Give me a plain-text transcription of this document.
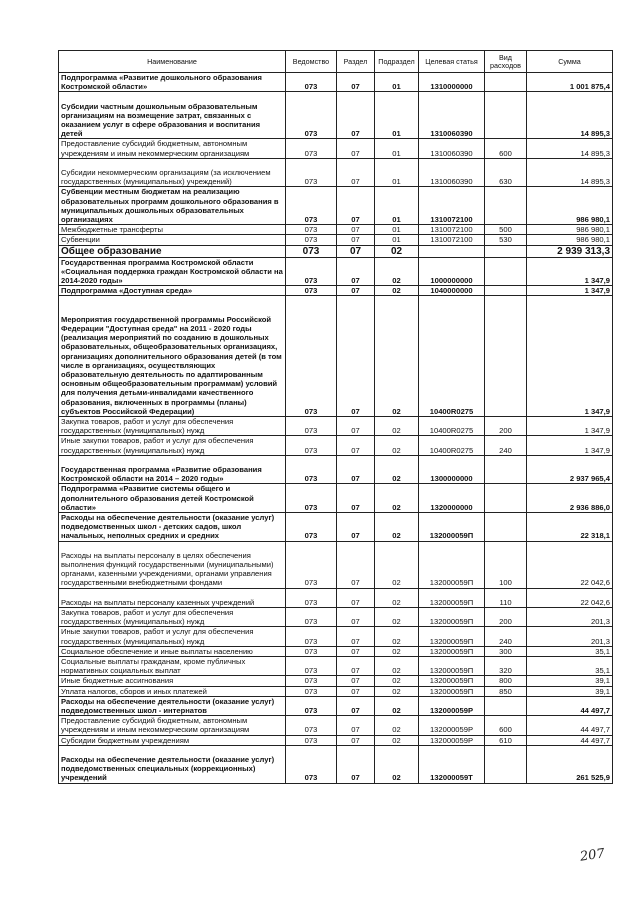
Наименование	Ведомство	Раздел	Подраздел	Целевая статья	Вид расходов	Сумма
Подпрограмма «Развитие дошкольного образования Костромской области»	073	07	01	1310000000		1 001 875,4
Субсидии частным дошкольным образовательным организациям на возмещение затрат, связанных с оказанием услуг в сфере образования и воспитания детей	073	07	01	1310060390		14 895,3
Предоставление субсидий бюджетным, автономным учреждениям и иным некоммерческим организациям	073	07	01	1310060390	600	14 895,3
Субсидии некоммерческим организациям (за исключением государственных (муниципальных) учреждений)	073	07	01	1310060390	630	14 895,3
Субвенции местным бюджетам на реализацию образовательных программ дошкольного образования в муниципальных дошкольных образовательных организациях	073	07	01	1310072100		986 980,1
Межбюджетные трансферты	073	07	01	1310072100	500	986 980,1
Субвенции	073	07	01	1310072100	530	986 980,1
Общее образование	073	07	02			2 939 313,3
Государственная программа Костромской области «Социальная поддержка граждан Костромской области на 2014-2020 годы»	073	07	02	1000000000		1 347,9
Подпрограмма «Доступная среда»	073	07	02	1040000000		1 347,9
Мероприятия государственной программы Российской Федерации "Доступная среда" на 2011 - 2020 годы (реализация мероприятий по созданию в дошкольных образовательных, общеобразовательных организациях, организациях дополнительного образования детей (в том числе в организациях, осуществляющих образовательную деятельность по адаптированным основным общеобразовательным программам) условий для получения детьми-инвалидами качественного образования, включенных в программы (планы) субъектов Российской Федерации)	073	07	02	10400R0275		1 347,9
Закупка товаров, работ и услуг для обеспечения государственных (муниципальных) нужд	073	07	02	10400R0275	200	1 347,9
Иные закупки товаров, работ и услуг для обеспечения государственных (муниципальных) нужд	073	07	02	10400R0275	240	1 347,9
Государственная программа «Развитие образования Костромской области на 2014 – 2020 годы»	073	07	02	1300000000		2 937 965,4
Подпрограмма «Развитие системы общего и дополнительного образования детей Костромской области»	073	07	02	1320000000		2 936 886,0
Расходы на обеспечение деятельности (оказание услуг) подведомственных школ - детских садов, школ начальных, неполных средних и средних	073	07	02	132000059П		22 318,1
Расходы на выплаты персоналу в целях обеспечения выполнения функций государственными (муниципальными) органами, казенными учреждениями, органами управления государственными внебюджетными фондами	073	07	02	132000059П	100	22 042,6
Расходы на выплаты персоналу казенных учреждений	073	07	02	132000059П	110	22 042,6
Закупка товаров, работ и услуг для обеспечения государственных (муниципальных) нужд	073	07	02	132000059П	200	201,3
Иные закупки товаров, работ и услуг для обеспечения государственных (муниципальных) нужд	073	07	02	132000059П	240	201,3
Социальное обеспечение и иные выплаты населению	073	07	02	132000059П	300	35,1
Социальные выплаты гражданам, кроме публичных нормативных социальных выплат	073	07	02	132000059П	320	35,1
Иные бюджетные ассигнования	073	07	02	132000059П	800	39,1
Уплата налогов, сборов и иных платежей	073	07	02	132000059П	850	39,1
Расходы на обеспечение деятельности (оказание услуг) подведомственных школ - интернатов	073	07	02	132000059Р		44 497,7
Предоставление субсидий бюджетным, автономным учреждениям и иным некоммерческим организациям	073	07	02	132000059Р	600	44 497,7
Субсидии бюджетным учреждениям	073	07	02	132000059Р	610	44 497,7
Расходы на обеспечение деятельности (оказание услуг) подведомственных специальных (коррекционных) учреждений	073	07	02	132000059Т		261 525,9
207
